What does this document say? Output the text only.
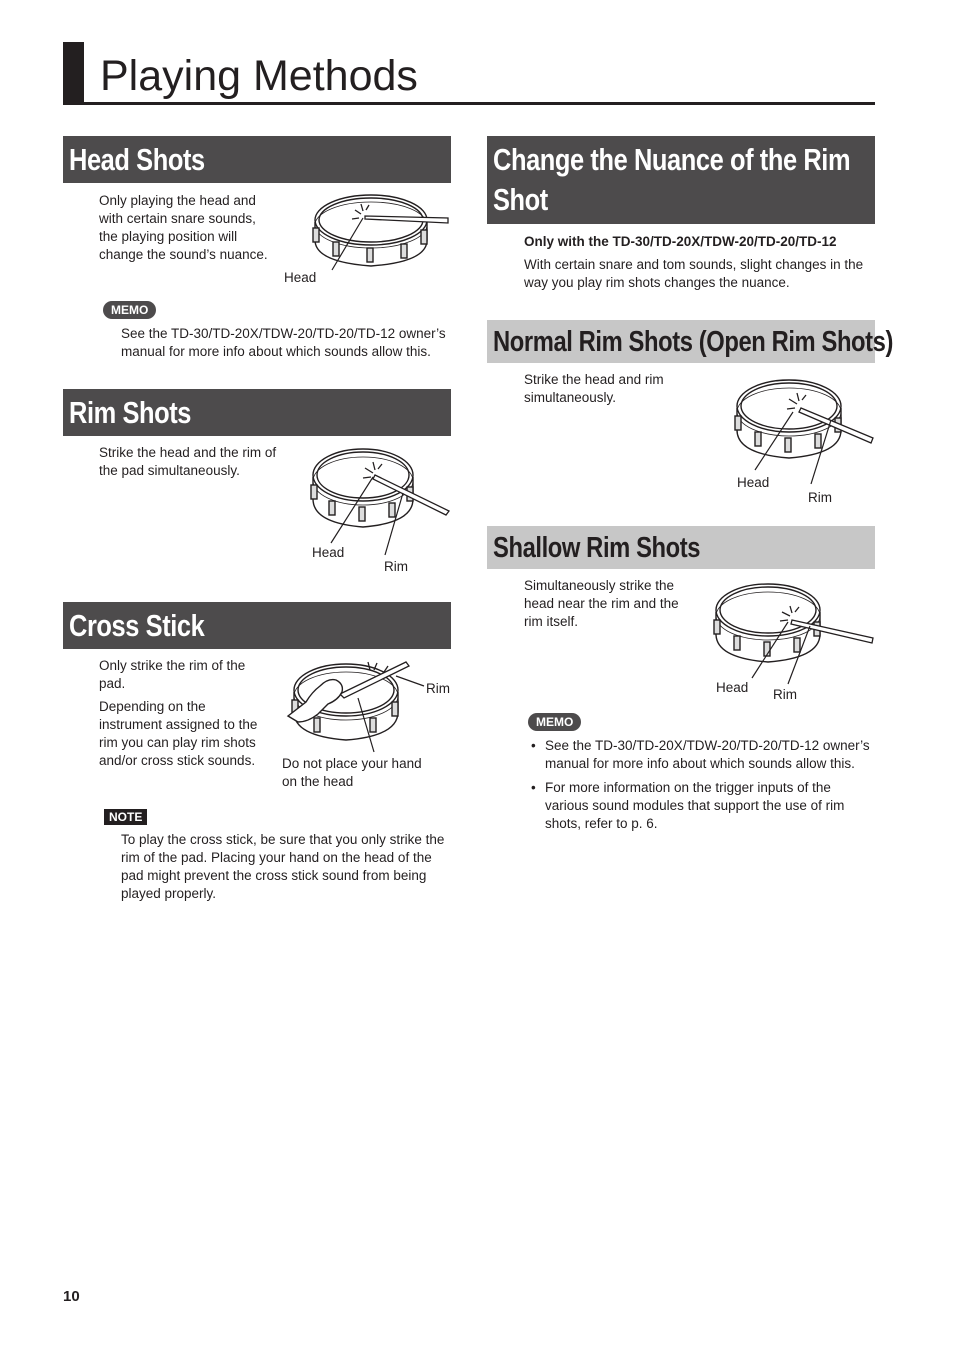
Playing Methods
Head Shots
Only playing the head and
with certain snare sounds,
the playing position will
change the sound’s nuance.
Head
MEMO
See the TD-30/TD-20X/TDW-20/TD-20/TD-12 owner’s
manual for more info about which sounds allow this.
Rim Shots
Strike the head and the rim of
the pad simultaneously.
Head
Rim
Cross Stick
Only strike the rim of the
pad.
Depending on the
instrument assigned to the
rim you can play rim shots
and/or cross stick sounds.
Rim
Do not place your hand
on the head
NOTE
To play the cross stick, be sure that you only strike the
rim of the pad. Placing your hand on the head of the
pad might prevent the cross stick sound from being
played properly.
Change the Nuance of the Rim
Shot
Only with the TD-30/TD-20X/TDW-20/TD-20/TD-12
With certain snare and tom sounds, slight changes in the
way you play rim shots changes the nuance.
Normal Rim Shots (Open Rim Shots)
Strike the head and rim
simultaneously.
Head
Rim
Shallow Rim Shots
Simultaneously strike the
head near the rim and the
rim itself.
Head Rim
MEMO
• See the TD-30/TD-20X/TDW-20/TD-20/TD-12 owner’s
manual for more info about which sounds allow this.
• For more information on the trigger inputs of the
various sound modules that support the use of rim
shots, refer to p. 6.
10
